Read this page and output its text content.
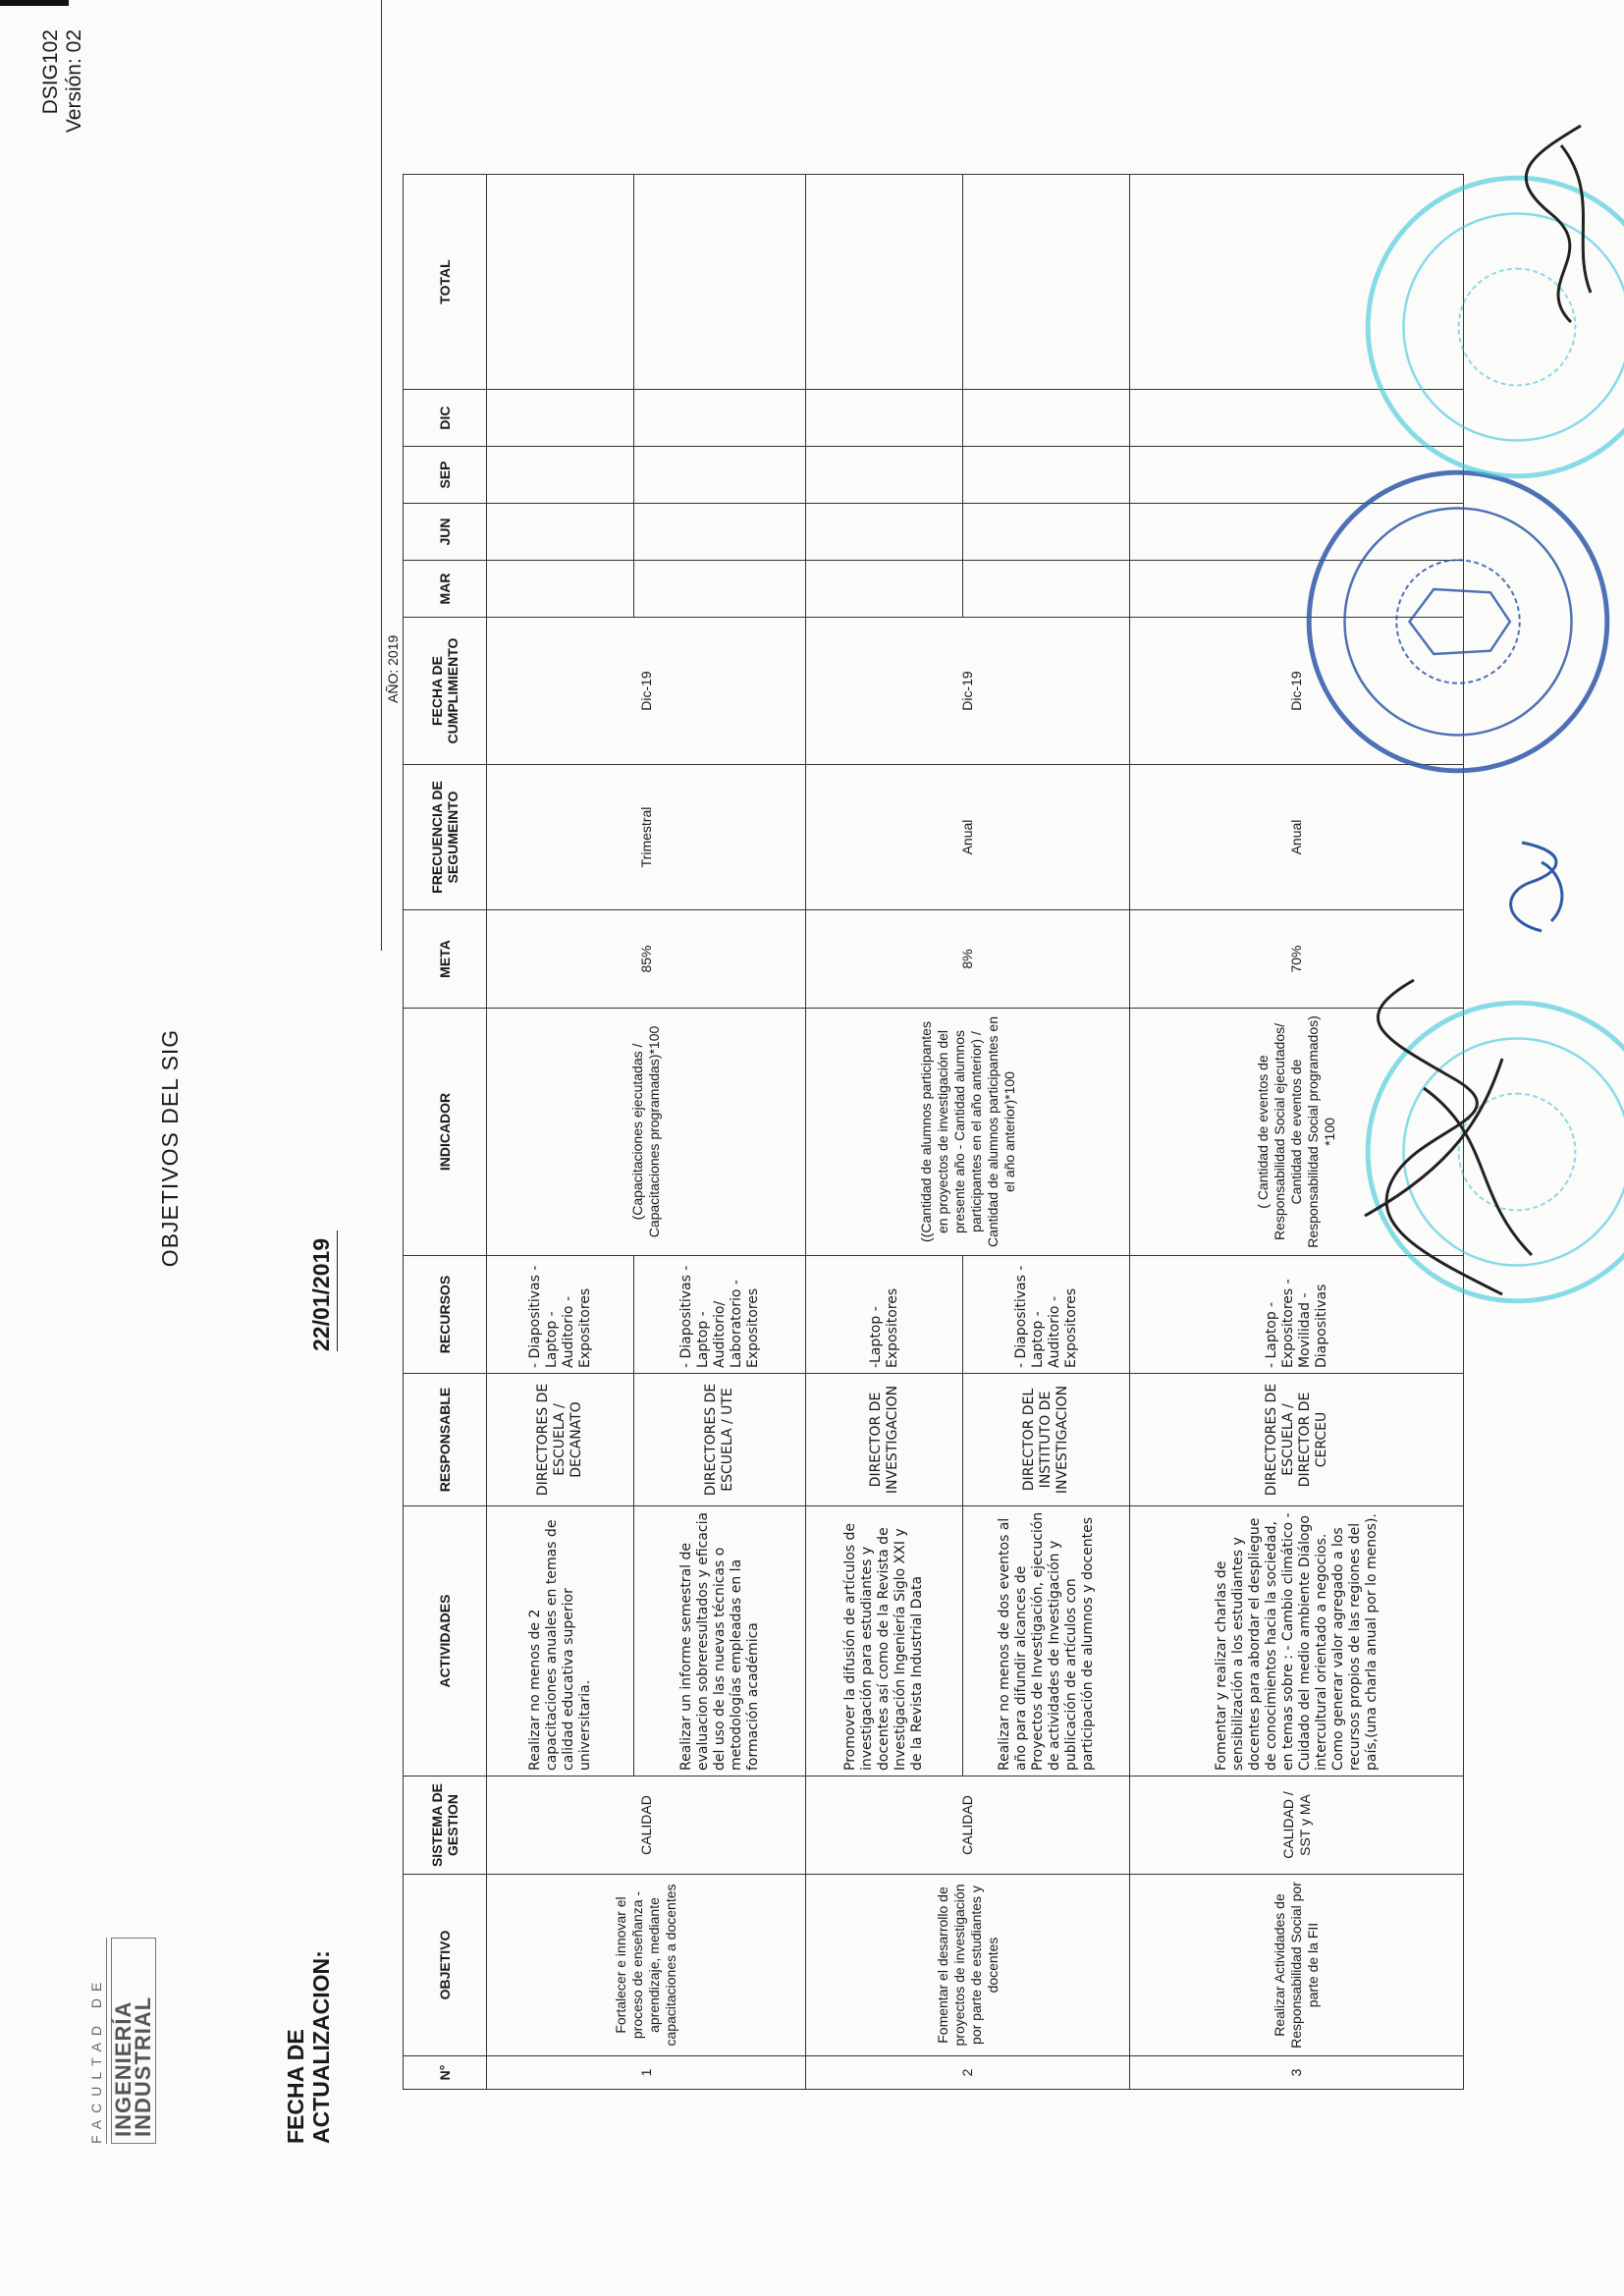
DSIG102 Versión: 02
FACULTAD DE INGENIERÍA INDUSTRIAL
OBJETIVOS DEL SIG
FECHA DE ACTUALIZACION:
22/01/2019
AÑO: 2019
N°	OBJETIVO	SISTEMA DE GESTION	ACTIVIDADES	RESPONSABLE	RECURSOS	INDICADOR	META	FRECUENCIA DE SEGUMEINTO	FECHA DE CUMPLIMIENTO	MAR	JUN	SEP	DIC	TOTAL
1	Fortalecer e innovar el proceso de enseñanza - aprendizaje, mediante capacitaciones a docentes	CALIDAD	Realizar no menos de 2 capacitaciones anuales en temas de calidad educativa superior universitaria.	DIRECTORES DE ESCUELA / DECANATO	- Diapositivas -Laptop -Auditorio -Expositores	(Capacitaciones ejecutadas / Capacitaciones programadas)*100	85%	Trimestral	Dic-19					
			Realizar un informe semestral de evaluacion sobreresultados y eficacia del uso de las nuevas técnicas o metodologías empleadas en la formación académica	DIRECTORES DE ESCUELA / UTE	- Diapositivas -Laptop -Auditorio/ Laboratorio -Expositores									
2	Fomentar el desarrollo de proyectos de investigación por parte de estudiantes y docentes	CALIDAD	Promover la difusión de artículos de investigación para estudiantes y docentes así como de la Revista de Investigación Ingeniería Siglo XXI y de la Revista Industrial Data	DIRECTOR DE INVESTIGACION	-Laptop -Expositores	((Cantidad de alumnos participantes en proyectos de investigación del presente año - Cantidad alumnos participantes en el año anterior) / Cantidad de alumnos participantes en el año anterior)*100	8%	Anual	Dic-19					
			Realizar no menos de dos eventos al año para difundir alcances de Proyectos de Investigación, ejecución de actividades de Investigación y publicación de artículos con participación de alumnos y docentes	DIRECTOR DEL INSTITUTO DE INVESTIGACION	- Diapositivas -Laptop -Auditorio -Expositores									
3	Realizar Actividades de Responsabilidad Social por parte de la FII	CALIDAD / SST y MA	Fomentar y realizar charlas de sensibilización a los estudiantes y docentes para abordar el despliegue de conocimientos hacia la sociedad, en temas sobre : - Cambio climático - Cuidado del medio ambiente Diálogo intercultural orientado a negocios. Como generar valor agregado a los recursos propios de las regiones del país,(una charla anual por lo menos).	DIRECTORES DE ESCUELA / DIRECTOR DE CERCEU	- Laptop - Expositores - Movilidad - Diapositivas	( Cantidad de eventos de Responsabilidad Social ejecutados/ Cantidad de eventos de Responsabilidad Social programados) *100	70%	Anual	Dic-19					
